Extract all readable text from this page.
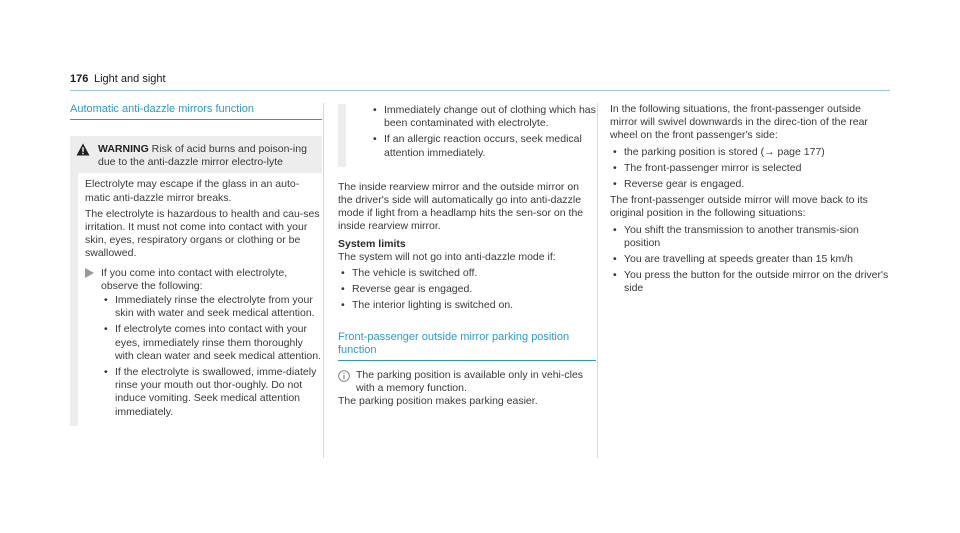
176 Light and sight
Automatic anti-dazzle mirrors function
WARNING Risk of acid burns and poison-ing due to the anti-dazzle mirror electro-lyte

Electrolyte may escape if the glass in an auto-matic anti-dazzle mirror breaks.

The electrolyte is hazardous to health and cau-ses irritation. It must not come into contact with your skin, eyes, respiratory organs or clothing or be swallowed.

If you come into contact with electrolyte, observe the following:
• Immediately rinse the electrolyte from your skin with water and seek medical attention.
• If electrolyte comes into contact with your eyes, immediately rinse them thoroughly with clean water and seek medical attention.
• If the electrolyte is swallowed, imme-diately rinse your mouth out thor-oughly. Do not induce vomiting. Seek medical attention immediately.
• Immediately change out of clothing which has been contaminated with electrolyte.
• If an allergic reaction occurs, seek medical attention immediately.

The inside rearview mirror and the outside mirror on the driver's side will automatically go into anti-dazzle mode if light from a headlamp hits the sen-sor on the inside rearview mirror.

System limits

The system will not go into anti-dazzle mode if:

• The vehicle is switched off.
• Reverse gear is engaged.
• The interior lighting is switched on.
Front-passenger outside mirror parking position function
The parking position is available only in vehi-cles with a memory function.

The parking position makes parking easier.

In the following situations, the front-passenger outside mirror will swivel downwards in the direc-tion of the rear wheel on the front passenger's side:

• the parking position is stored (→ page 177)
• The front-passenger mirror is selected
• Reverse gear is engaged.

The front-passenger outside mirror will move back to its original position in the following situations:

• You shift the transmission to another transmis-sion position
• You are travelling at speeds greater than 15 km/h
• You press the button for the outside mirror on the driver's side
